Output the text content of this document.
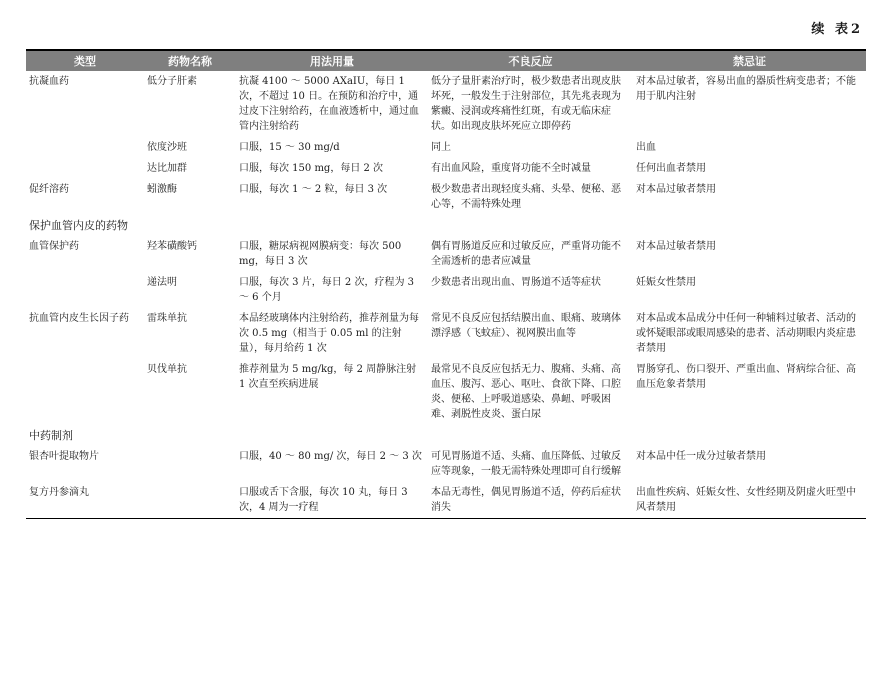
续 表2
类型	药物名称	用法用量	不良反应	禁忌证
抗凝血药	低分子肝素	抗凝 4100 ～ 5000 AXaIU，每日 1 次，不超过 10 日。在预防和治疗中，通过皮下注射给药，在血液透析中，通过血管内注射给药	低分子量肝素治疗时，极少数患者出现皮肤坏死，一般发生于注射部位，其先兆表现为紫癜、浸润或疼痛性红斑，有或无临床症状。如出现皮肤坏死应立即停药	对本品过敏者，容易出血的器质性病变患者；不能用于肌内注射
	依度沙班	口服，15 ～ 30 mg/d	同上	出血
	达比加群	口服，每次 150 mg，每日 2 次	有出血风险，重度肾功能不全时减量	任何出血者禁用
促纤溶药	蚓激酶	口服，每次 1 ～ 2 粒，每日 3 次	极少数患者出现轻度头痛、头晕、便秘、恶心等，不需特殊处理	对本品过敏者禁用
保护血管内皮的药物				
血管保护药	羟苯磺酸钙	口服，糖尿病视网膜病变：每次 500 mg，每日 3 次	偶有胃肠道反应和过敏反应，严重肾功能不全需透析的患者应减量	对本品过敏者禁用
	递法明	口服，每次 3 片，每日 2 次，疗程为 3 ～ 6 个月	少数患者出现出血、胃肠道不适等症状	妊娠女性禁用
抗血管内皮生长因子药	雷珠单抗	本品经玻璃体内注射给药，推荐剂量为每次 0.5 mg（相当于 0.05 ml 的注射量），每月给药 1 次	常见不良反应包括结膜出血、眼痛、玻璃体漂浮感（飞蚊症）、视网膜出血等	对本品或本品成分中任何一种辅料过敏者、活动的或怀疑眼部或眼周感染的患者、活动期眼内炎症患者禁用
	贝伐单抗	推荐剂量为 5 mg/kg，每 2 周静脉注射 1 次直至疾病进展	最常见不良反应包括无力、腹痛、头痛、高血压、腹泻、恶心、呕吐、食欲下降、口腔炎、便秘、上呼吸道感染、鼻衄、呼吸困难、剥脱性皮炎、蛋白尿	胃肠穿孔、伤口裂开、严重出血、肾病综合征、高血压危象者禁用
中药制剂				
银杏叶提取物片		口服，40 ～ 80 mg/ 次，每日 2 ～ 3 次	可见胃肠道不适、头痛、血压降低、过敏反应等现象，一般无需特殊处理即可自行缓解	对本品中任一成分过敏者禁用
复方丹参滴丸		口服或舌下含服，每次 10 丸，每日 3 次，4 周为一疗程	本品无毒性，偶见胃肠道不适，停药后症状消失	出血性疾病、妊娠女性、女性经期及阴虚火旺型中风者禁用
